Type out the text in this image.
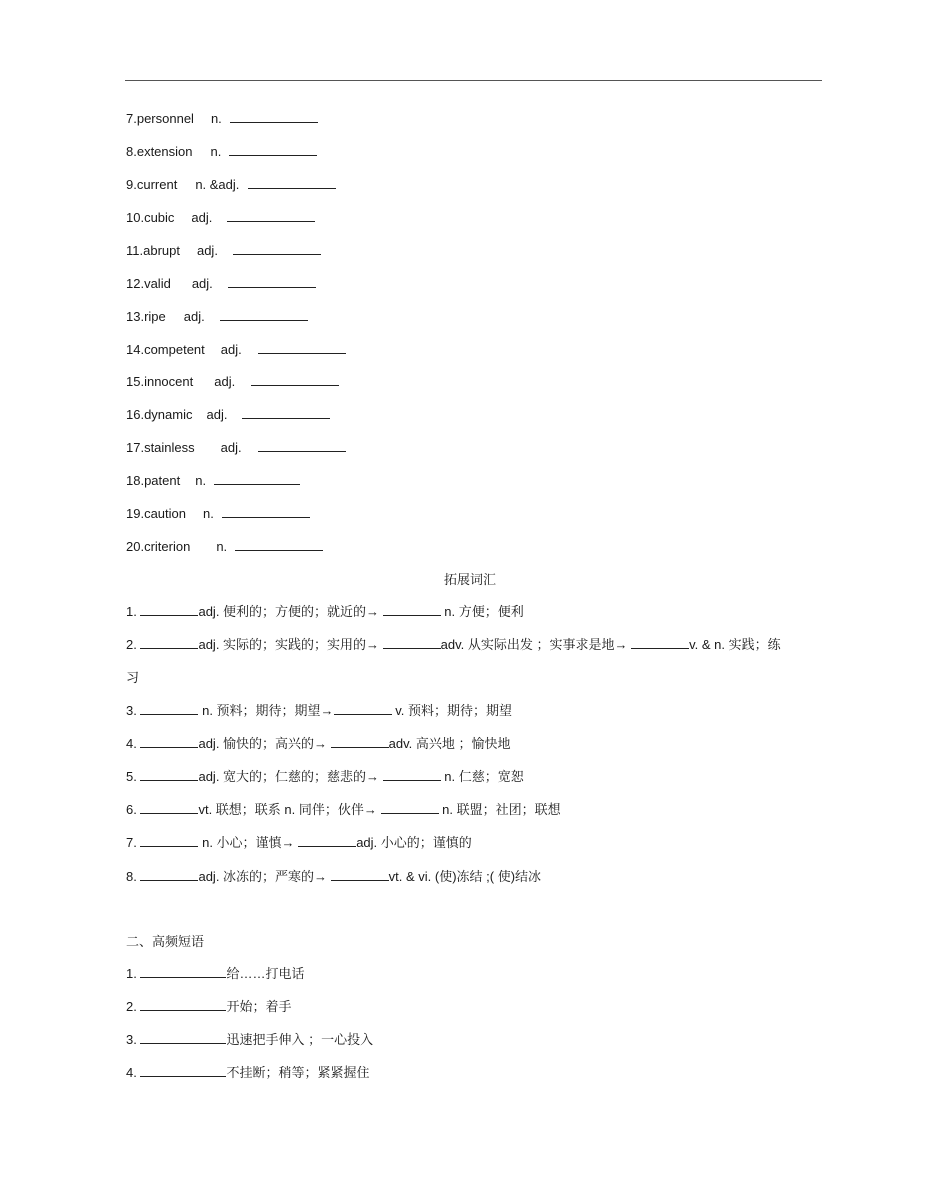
7.personnel n.
8.extension n.
9.current n. &adj.
10.cubic adj.
11.abrupt adj.
12.valid adj.
13.ripe adj.
14.competent adj.
15.innocent adj.
16.dynamic adj.
17.stainless adj.
18.patent n.
19.caution n.
20.criterion n.
拓展词汇
1.	adj. 便利的；方便的；就近的→	n. 方便；便利
2.	adj. 实际的；实践的；实用的→	adv. 从实际出发 ；实事求是地→	v. & n. 实践；练
习
3.	n. 预料；期待；期望→	v. 预料；期待；期望
4.	adj. 愉快的；高兴的→	adv. 高兴地 ；愉快地
5.	adj. 宽大的；仁慈的；慈悲的→	n. 仁慈；宽恕
6.	vt. 联想；联系 n. 同伴；伙伴→	n. 联盟；社团；联想
7.	n. 小心；谨慎→	adj. 小心的；谨慎的
8.	adj. 冰冻的；严寒的→	vt. & vi. (使)冻结 ;( 使)结冰
二、高频短语
1.	给……打电话
2.	开始；着手
3.	迅速把手伸入 ；一心投入
4.	不挂断；稍等；紧紧握住
